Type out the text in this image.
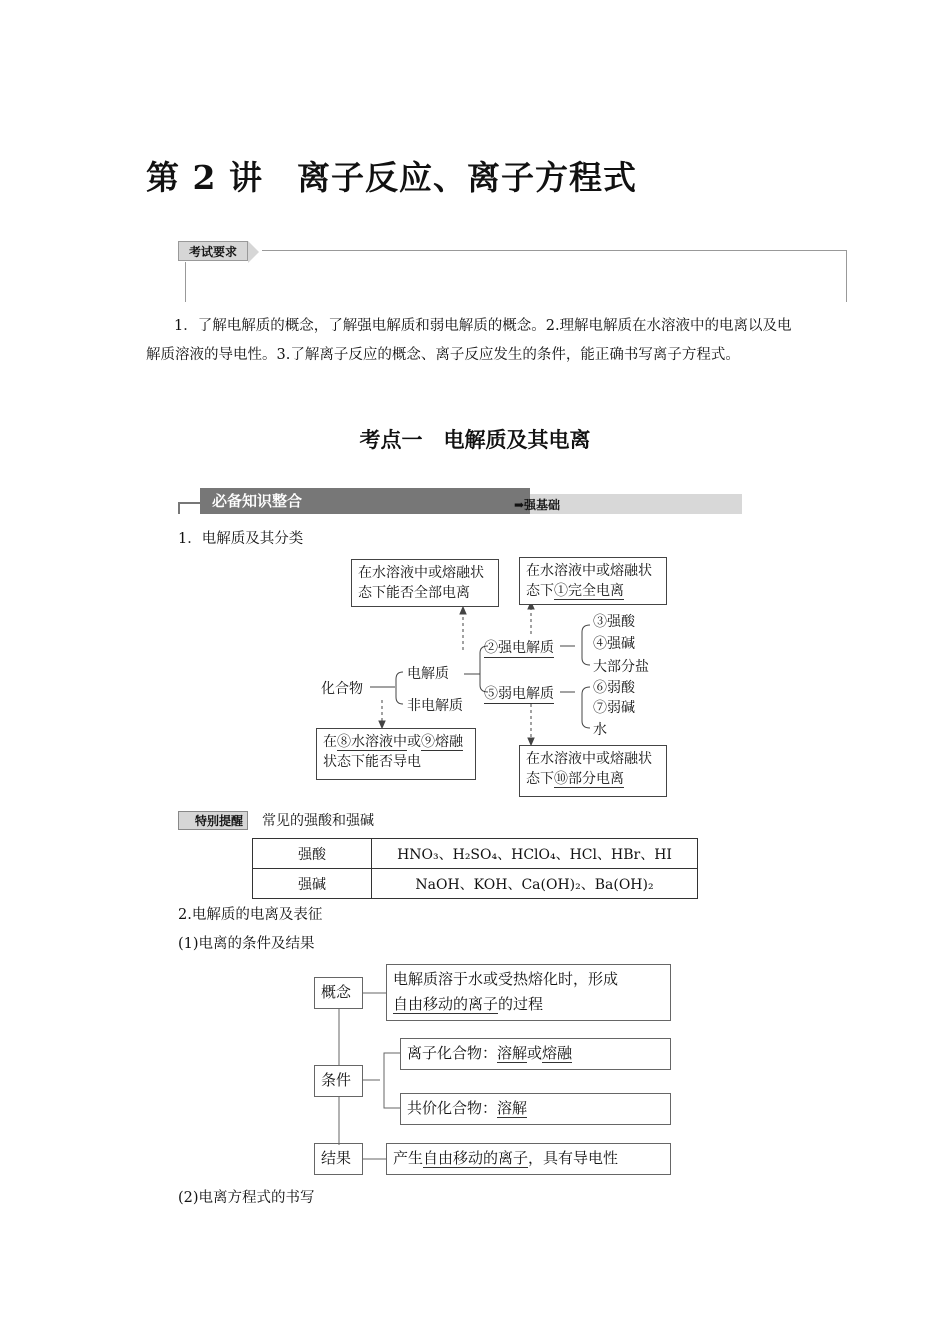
第 2 讲　离子反应、离子方程式
考试要求
1．了解电解质的概念，了解强电解质和弱电解质的概念。2.理解电解质在水溶液中的电离以及电解质溶液的导电性。3.了解离子反应的概念、离子反应发生的条件，能正确书写离子方程式。
考点一　电解质及其电离
必备知识整合	➡强基础
1．电解质及其分类
在水溶液中或熔融状态下能否全部电离
在水溶液中或熔融状
态下①完全电离
化合物
电解质
非电解质
②强电解质
⑤弱电解质
③强酸
④强碱
大部分盐
⑥弱酸
⑦弱碱
水
在⑧水溶液中或⑨熔融
状态下能否导电	在水溶液中或熔融状
态下⑩部分电离
特别提醒 常见的强酸和强碱
强酸	HNO₃、H₂SO₄、HClO₄、HCl、HBr、HI
强碱	NaOH、KOH、Ca(OH)₂、Ba(OH)₂
2.电解质的电离及表征
(1)电离的条件及结果
概念
电解质溶于水或受热熔化时，形成
自由移动的离子的过程
条件
离子化合物：溶解或熔融
共价化合物：溶解
结果	产生自由移动的离子，具有导电性
(2)电离方程式的书写
